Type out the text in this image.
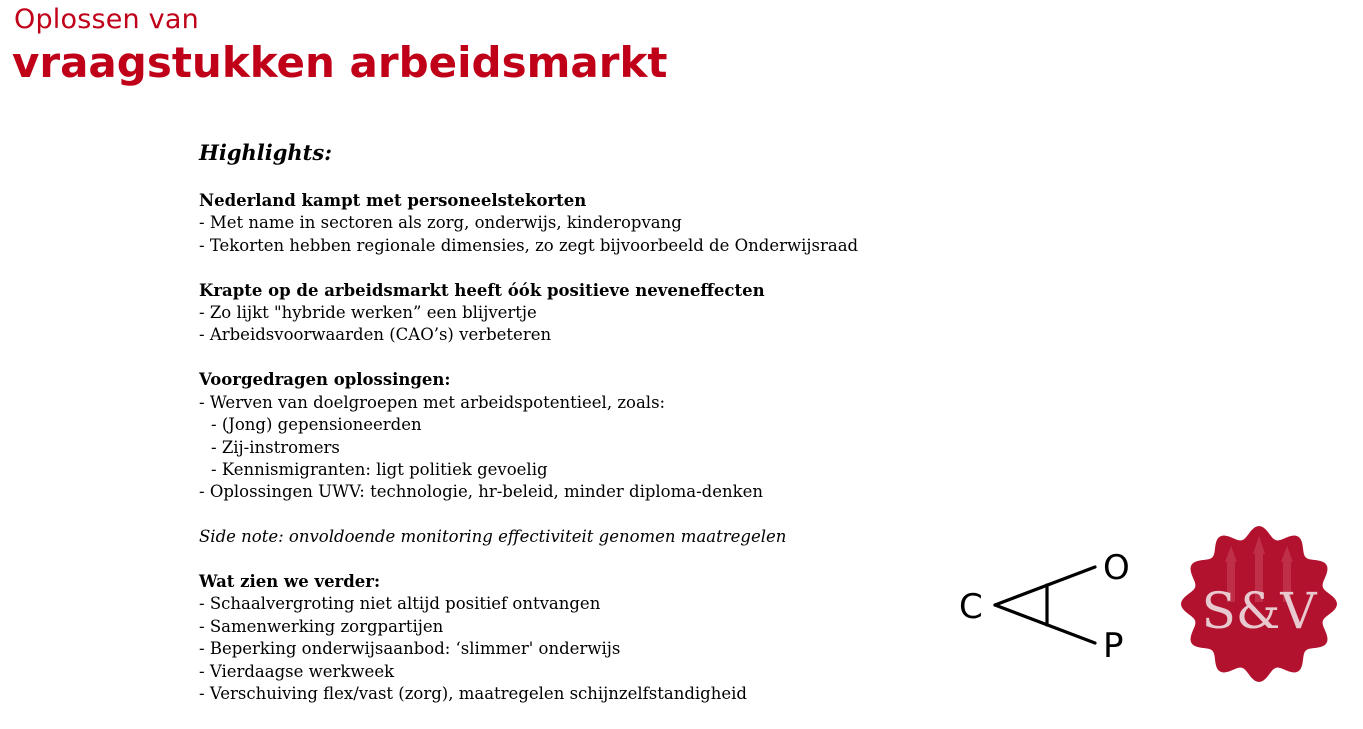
Oplossen van
vraagstukken arbeidsmarkt
Highlights:
Nederland kampt met personeelstekorten
- Met name in sectoren als zorg, onderwijs, kinderopvang
- Tekorten hebben regionale dimensies, zo zegt bijvoorbeeld de Onderwijsraad
Krapte op de arbeidsmarkt heeft óók positieve neveneffecten
- Zo lijkt "hybride werken” een blijvertje
- Arbeidsvoorwaarden (CAO’s) verbeteren
Voorgedragen oplossingen:
- Werven van doelgroepen met arbeidspotentieel, zoals:
- (Jong) gepensioneerden
- Zij-instromers
- Kennismigranten: ligt politiek gevoelig
- Oplossingen UWV: technologie, hr-beleid, minder diploma-denken
Side note: onvoldoende monitoring effectiviteit genomen maatregelen
Wat zien we verder:
- Schaalvergroting niet altijd positief ontvangen
- Samenwerking zorgpartijen
- Beperking onderwijsaanbod: ‘slimmer' onderwijs
- Vierdaagse werkweek
- Verschuiving flex/vast (zorg), maatregelen schijnzelfstandigheid
C
O
P
S&V
